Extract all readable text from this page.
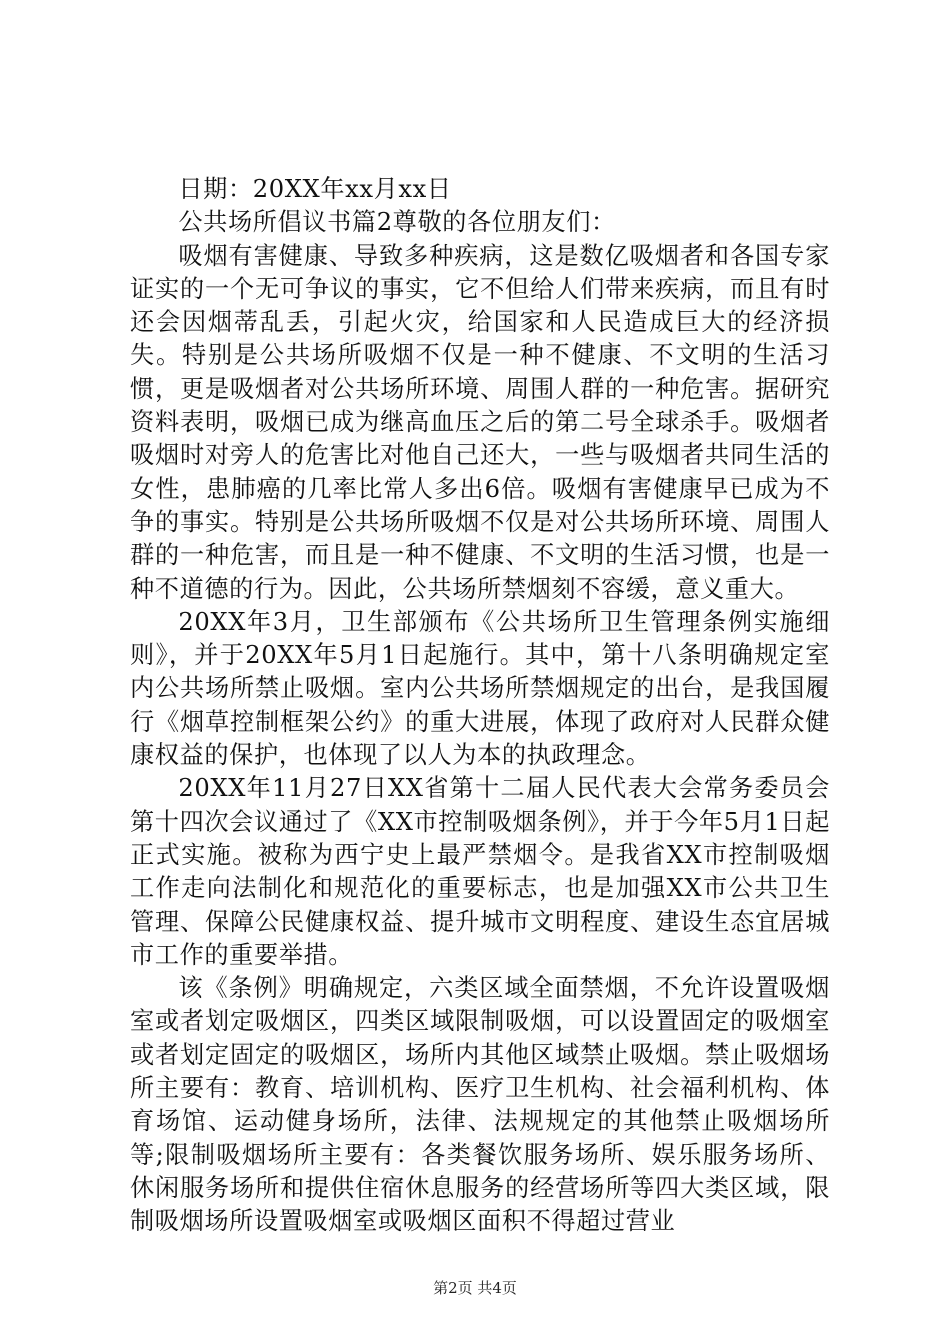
日期：20XX年xx月xx日

公共场所倡议书篇2尊敬的各位朋友们：

吸烟有害健康、导致多种疾病，这是数亿吸烟者和各国专家证实的一个无可争议的事实，它不但给人们带来疾病，而且有时还会因烟蒂乱丢，引起火灾，给国家和人民造成巨大的经济损失。特别是公共场所吸烟不仅是一种不健康、不文明的生活习惯，更是吸烟者对公共场所环境、周围人群的一种危害。据研究资料表明，吸烟已成为继高血压之后的第二号全球杀手。吸烟者吸烟时对旁人的危害比对他自己还大，一些与吸烟者共同生活的女性，患肺癌的几率比常人多出6倍。吸烟有害健康早已成为不争的事实。特别是公共场所吸烟不仅是对公共场所环境、周围人群的一种危害，而且是一种不健康、不文明的生活习惯，也是一种不道德的行为。因此，公共场所禁烟刻不容缓，意义重大。

20XX年3月，卫生部颁布《公共场所卫生管理条例实施细则》，并于20XX年5月1日起施行。其中，第十八条明确规定室内公共场所禁止吸烟。室内公共场所禁烟规定的出台，是我国履行《烟草控制框架公约》的重大进展，体现了政府对人民群众健康权益的保护，也体现了以人为本的执政理念。

20XX年11月27日XX省第十二届人民代表大会常务委员会第十四次会议通过了《XX市控制吸烟条例》，并于今年5月1日起正式实施。被称为西宁史上最严禁烟令。是我省XX市控制吸烟工作走向法制化和规范化的重要标志，也是加强XX市公共卫生管理、保障公民健康权益、提升城市文明程度、建设生态宜居城市工作的重要举措。

该《条例》明确规定，六类区域全面禁烟，不允许设置吸烟室或者划定吸烟区，四类区域限制吸烟，可以设置固定的吸烟室或者划定固定的吸烟区，场所内其他区域禁止吸烟。禁止吸烟场所主要有：教育、培训机构、医疗卫生机构、社会福利机构、体育场馆、运动健身场所，法律、法规规定的其他禁止吸烟场所等;限制吸烟场所主要有：各类餐饮服务场所、娱乐服务场所、休闲服务场所和提供住宿休息服务的经营场所等四大类区域，限制吸烟场所设置吸烟室或吸烟区面积不得超过营业

第2页 共4页
